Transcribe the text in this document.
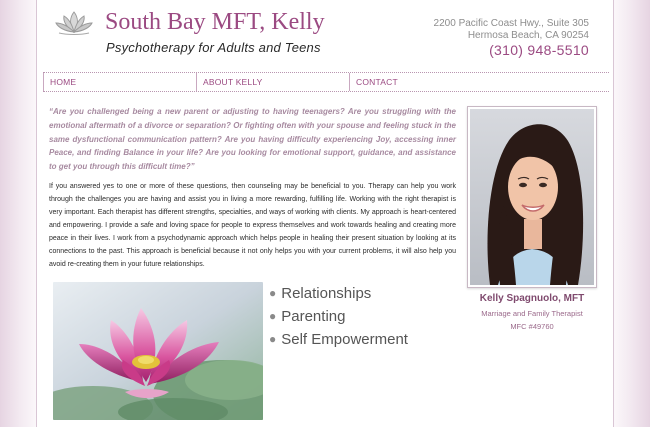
South Bay MFT, Kelly
Psychotherapy for Adults and Teens
2200 Pacific Coast Hwy., Suite 305
Hermosa Beach, CA 90254
(310) 948-5510
HOME	ABOUT KELLY	CONTACT

“Are you challenged being a new parent or adjusting to having teenagers? Are you struggling with the emotional aftermath of a divorce or separation? Or fighting often with your spouse and feeling stuck in the same dysfunctional communication pattern? Are you having difficulty experiencing Joy, accessing inner Peace, and finding Balance in your life? Are you looking for emotional support, guidance, and assistance to get you through this difficult time?”

If you answered yes to one or more of these questions, then counseling may be beneficial to you. Therapy can help you work through the challenges you are having and assist you in living a more rewarding, fulfilling life. Working with the right therapist is very important. Each therapist has different strengths, specialties, and ways of working with clients. My approach is heart-centered and empowering. I provide a safe and loving space for people to express themselves and work towards healing and creating more peace in their lives. I work from a psychodynamic approach which helps people in healing their present situation by looking at its connections to the past. This approach is beneficial because it not only helps you with your current problems, it will also help you avoid re-creating them in your future relationships.

● Relationships
● Parenting
● Self Empowerment
Kelly Spagnuolo, MFT
Marriage and Family Therapist
MFC #49760
